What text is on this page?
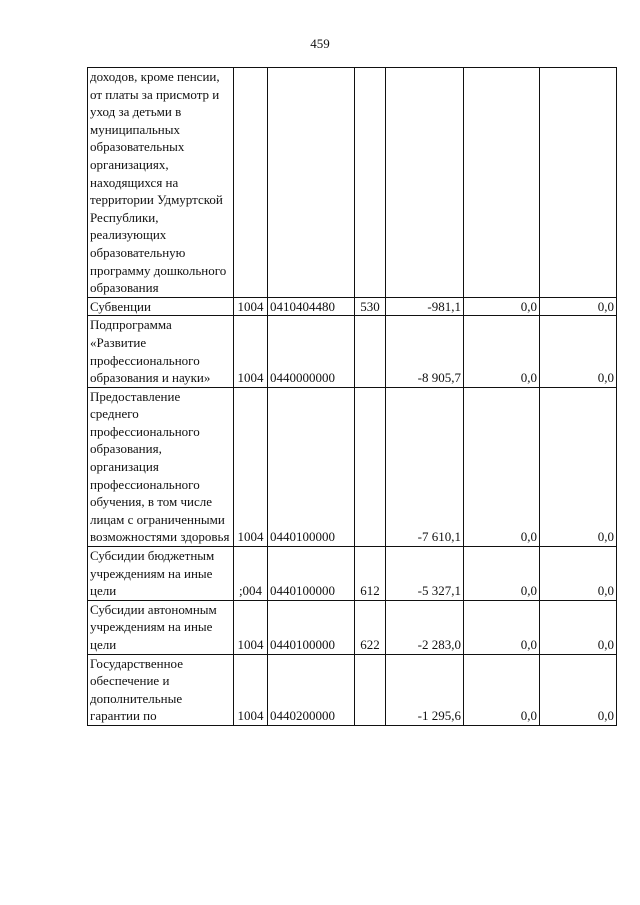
459
доходов, кроме пенсии, от платы за присмотр и уход за детьми в муниципальных образовательных организациях, находящихся на территории Удмуртской Республики, реализующих образовательную программу дошкольного образования						
Субвенции	1004	0410404480	530	-981,1	0,0	0,0
Подпрограмма «Развитие профессионального образования и науки»	1004	0440000000		-8 905,7	0,0	0,0
Предоставление среднего профессионального образования, организация профессионального обучения, в том числе лицам с ограниченными возможностями здоровья	1004	0440100000		-7 610,1	0,0	0,0
Субсидии бюджетным учреждениям на иные цели	;004	0440100000	612	-5 327,1	0,0	0,0
Субсидии автономным учреждениям на иные цели	1004	0440100000	622	-2 283,0	0,0	0,0
Государственное обеспечение и дополнительные гарантии по	1004	0440200000		-1 295,6	0,0	0,0
